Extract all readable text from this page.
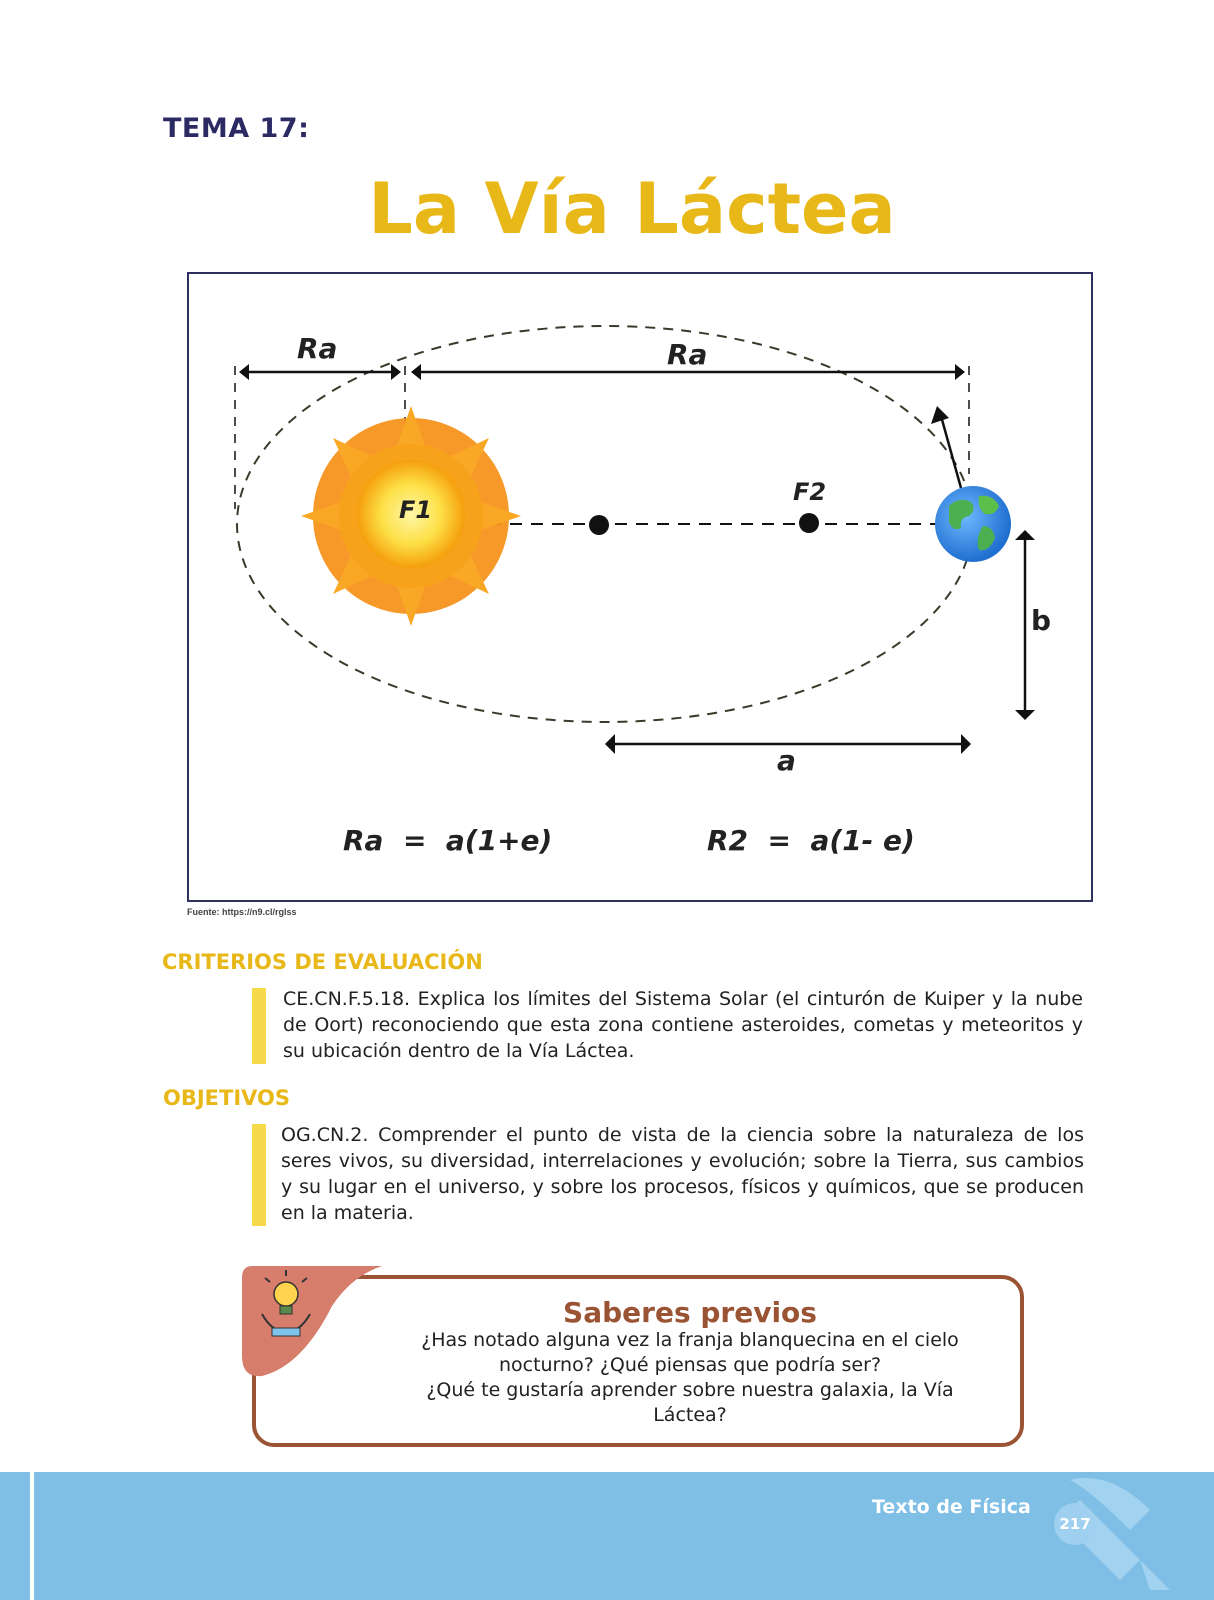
TEMA 17:
La Vía Láctea
F1
F2
b
a
Ra	Ra
Ra  =  a(1+e)	R2  =  a(1- e)
Fuente: https://n9.cl/rglss
CRITERIOS DE EVALUACIÓN
CE.CN.F.5.18. Explica los límites del Sistema Solar (el cinturón de Kuiper y la nube de Oort) reconociendo que esta zona contiene asteroides, cometas y meteoritos y su ubicación dentro de la Vía Láctea.
OBJETIVOS
OG.CN.2. Comprender el punto de vista de la ciencia sobre la naturaleza de los seres vivos, su diversidad, interrelaciones y evolución; sobre la Tierra, sus cambios y su lugar en el universo, y sobre los procesos, físicos y químicos, que se producen en la materia.
Saberes previos
¿Has notado alguna vez la franja blanquecina en el cielo nocturno? ¿Qué piensas que podría ser?
¿Qué te gustaría aprender sobre nuestra galaxia, la Vía Láctea?
Texto de Física
217
